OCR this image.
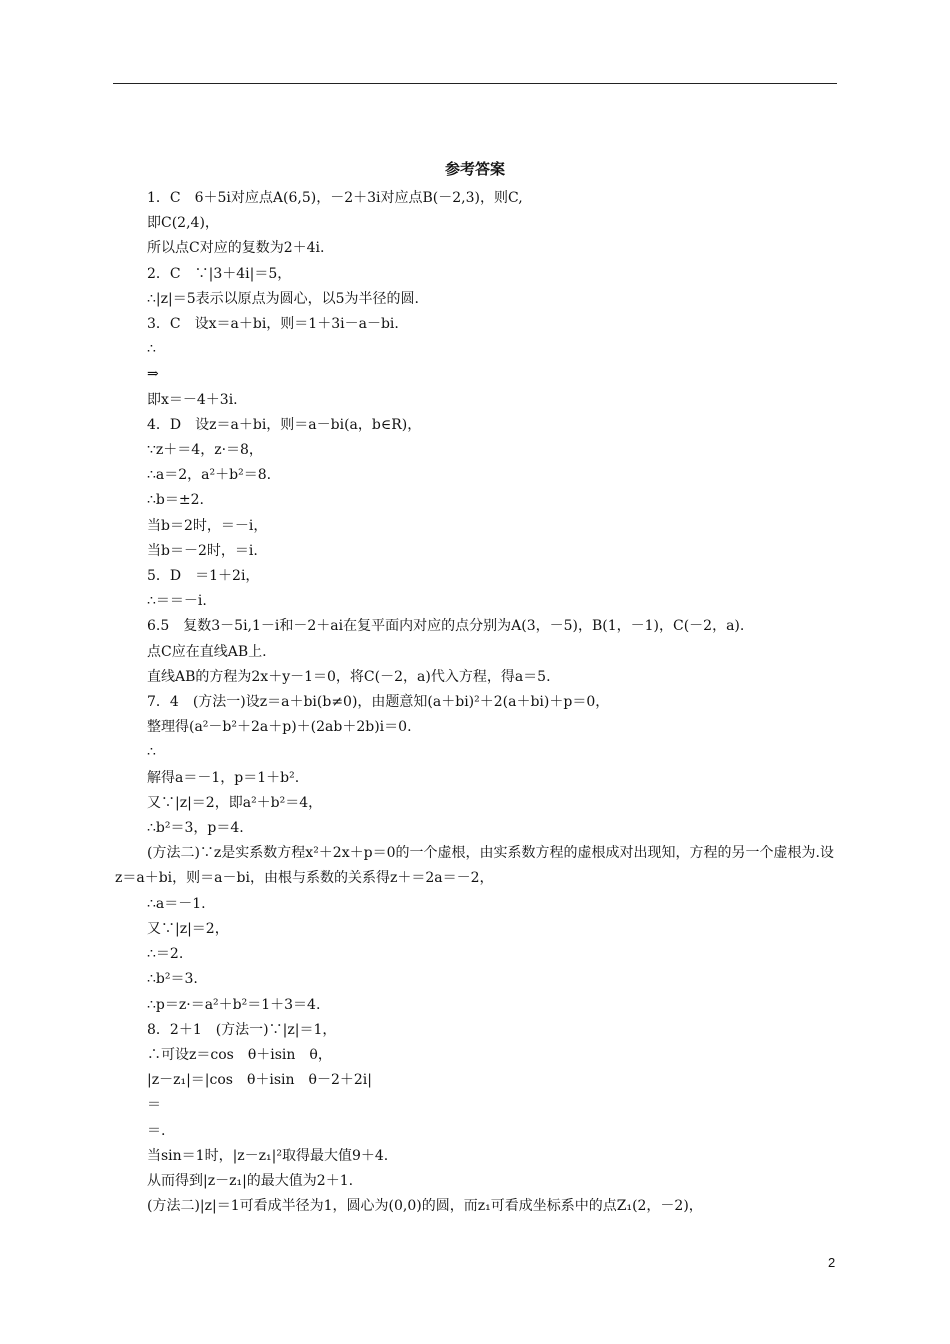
参考答案
1．C　6＋5i对应点A(6,5)，－2＋3i对应点B(－2,3)，则C,
即C(2,4)，
所以点C对应的复数为2＋4i.
2．C　∵|3＋4i|＝5，
∴|z|＝5表示以原点为圆心，以5为半径的圆.
3．C　设x＝a＋bi，则＝1＋3i－a－bi.
∴
⇒
即x＝－4＋3i.
4．D　设z＝a＋bi，则＝a－bi(a，b∈R)，
∵z＋＝4，z·＝8，
∴a＝2，a²＋b²＝8.
∴b＝±2.
当b＝2时，＝－i，
当b＝－2时，＝i.
5．D　＝1＋2i，
∴＝＝－i.
6.5　复数3－5i,1－i和－2＋ai在复平面内对应的点分别为A(3，－5)，B(1，－1)，C(－2，a).
点C应在直线AB上.
直线AB的方程为2x＋y－1＝0，将C(－2，a)代入方程，得a＝5.
7．4　(方法一)设z＝a＋bi(b≠0)，由题意知(a＋bi)²＋2(a＋bi)＋p＝0，
整理得(a²－b²＋2a＋p)＋(2ab＋2b)i＝0.
∴
解得a＝－1，p＝1＋b².
又∵|z|＝2，即a²＋b²＝4，
∴b²＝3，p＝4.
(方法二)∵z是实系数方程x²＋2x＋p＝0的一个虚根，由实系数方程的虚根成对出现知，方程的另一个虚根为.设z＝a＋bi，则＝a－bi，由根与系数的关系得z＋＝2a＝－2，
∴a＝－1.
又∵|z|＝2，
∴＝2.
∴b²＝3.
∴p＝z·＝a²＋b²＝1＋3＝4.
8．2＋1　(方法一)∵|z|＝1，
∴可设z＝cos　θ＋isin　θ，
|z－z₁|＝|cos　θ＋isin　θ－2＋2i|
＝
＝.
当sin＝1时，|z－z₁|²取得最大值9＋4.
从而得到|z－z₁|的最大值为2＋1.
(方法二)|z|＝1可看成半径为1，圆心为(0,0)的圆，而z₁可看成坐标系中的点Z₁(2，－2)，
2
